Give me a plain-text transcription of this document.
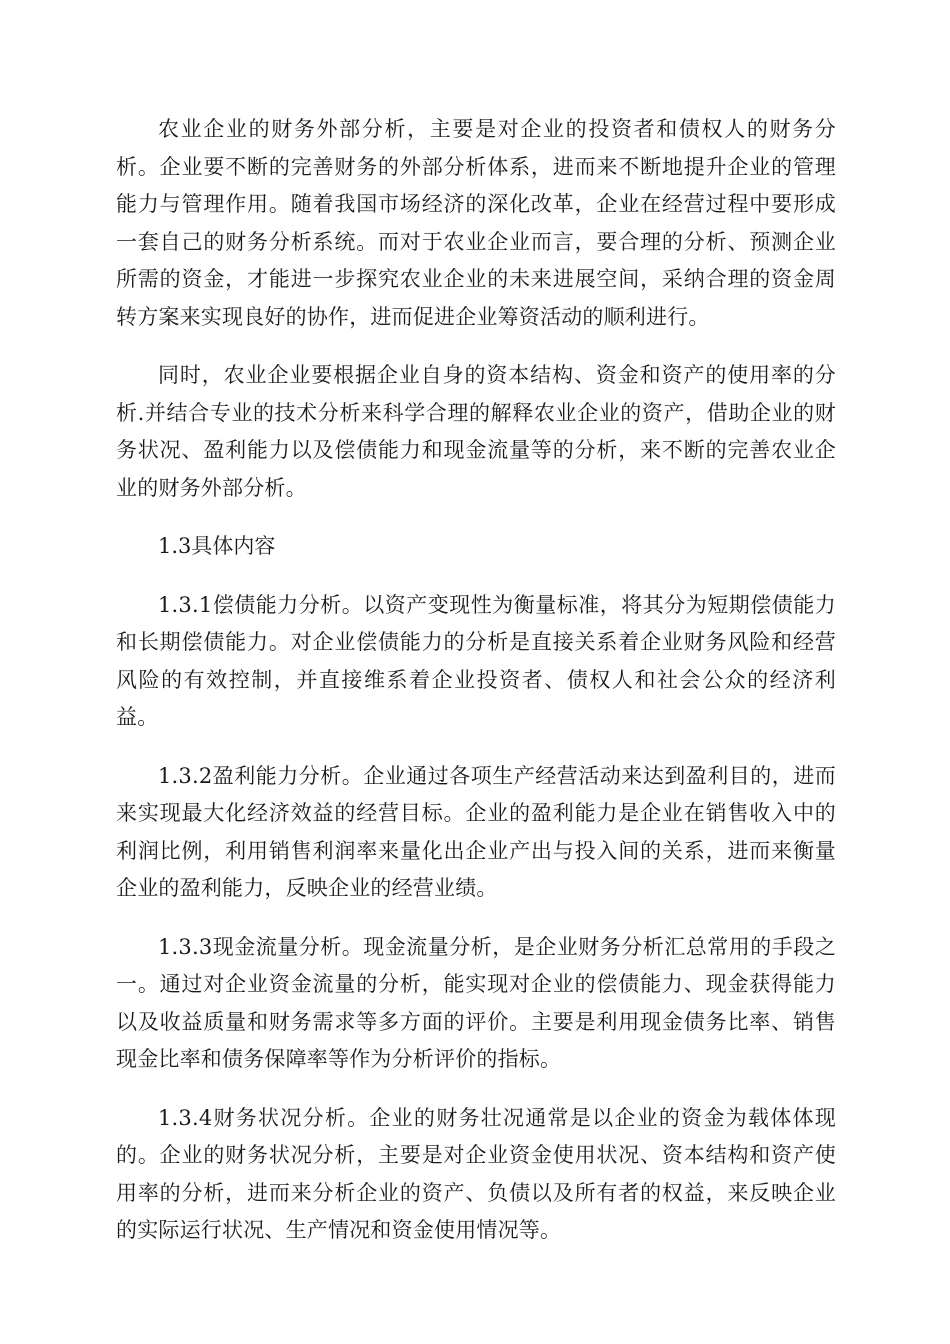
农业企业的财务外部分析，主要是对企业的投资者和债权人的财务分析。企业要不断的完善财务的外部分析体系，进而来不断地提升企业的管理能力与管理作用。随着我国市场经济的深化改革，企业在经营过程中要形成一套自己的财务分析系统。而对于农业企业而言，要合理的分析、预测企业所需的资金，才能进一步探究农业企业的未来进展空间，采纳合理的资金周转方案来实现良好的协作，进而促进企业筹资活动的顺利进行。

同时，农业企业要根据企业自身的资本结构、资金和资产的使用率的分析.并结合专业的技术分析来科学合理的解释农业企业的资产，借助企业的财务状况、盈利能力以及偿债能力和现金流量等的分析，来不断的完善农业企业的财务外部分析。

1.3具体内容

1.3.1偿债能力分析。以资产变现性为衡量标准，将其分为短期偿债能力和长期偿债能力。对企业偿债能力的分析是直接关系着企业财务风险和经营风险的有效控制，并直接维系着企业投资者、债权人和社会公众的经济利益。

1.3.2盈利能力分析。企业通过各项生产经营活动来达到盈利目的，进而来实现最大化经济效益的经营目标。企业的盈利能力是企业在销售收入中的利润比例，利用销售利润率来量化出企业产出与投入间的关系，进而来衡量企业的盈利能力，反映企业的经营业绩。

1.3.3现金流量分析。现金流量分析，是企业财务分析汇总常用的手段之一。通过对企业资金流量的分析，能实现对企业的偿债能力、现金获得能力以及收益质量和财务需求等多方面的评价。主要是利用现金债务比率、销售现金比率和债务保障率等作为分析评价的指标。

1.3.4财务状况分析。企业的财务壮况通常是以企业的资金为载体体现的。企业的财务状况分析，主要是对企业资金使用状况、资本结构和资产使用率的分析，进而来分析企业的资产、负债以及所有者的权益，来反映企业的实际运行状况、生产情况和资金使用情况等。
